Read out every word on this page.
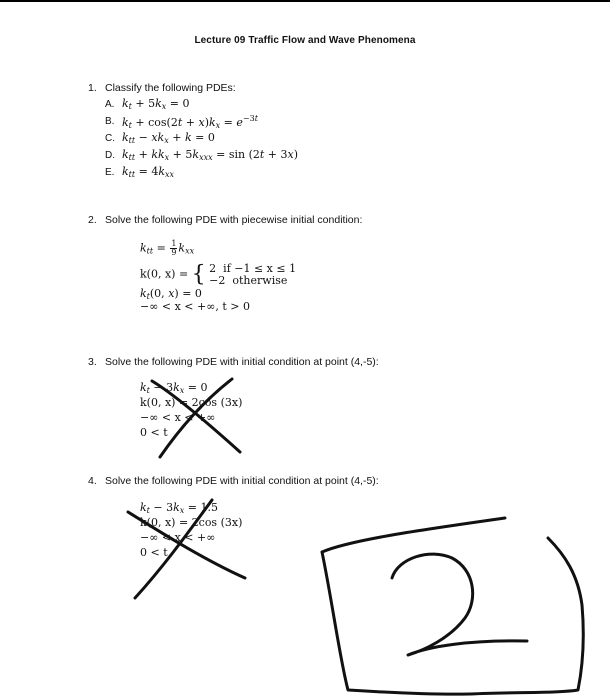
Lecture 09 Traffic Flow and Wave Phenomena
1. Classify the following PDEs:
A. $k_t + 5k_x = 0$
B. $k_t + \cos(2t + x)k_x = e^{-3t}$
C. $k_{tt} - xk_x + k = 0$
D. $k_{tt} + kk_x + 5k_{xxx} = \sin (2t + 3x)$
E. $k_{tt} = 4k_{xx}$
2. Solve the following PDE with piecewise initial condition:
$k_{tt} = \frac{1}{9} k_{xx}$
k(0, x) = { 2 if −1 ≤ x ≤ 1
−2 otherwise
$k_t(0$, x) = 0
−∞ < x < +∞, t > 0
3. Solve the following PDE with initial condition at point (4,-5):
$k_t - 3k_x = 0$
k(0, x) = 2cos (3x)
−∞ < x < +∞
0 < t
4. Solve the following PDE with initial condition at point (4,-5):
$k_t - 3k_x = 1.5$
k(0, x) = 2cos (3x)
−∞ < x < +∞
0 < t
